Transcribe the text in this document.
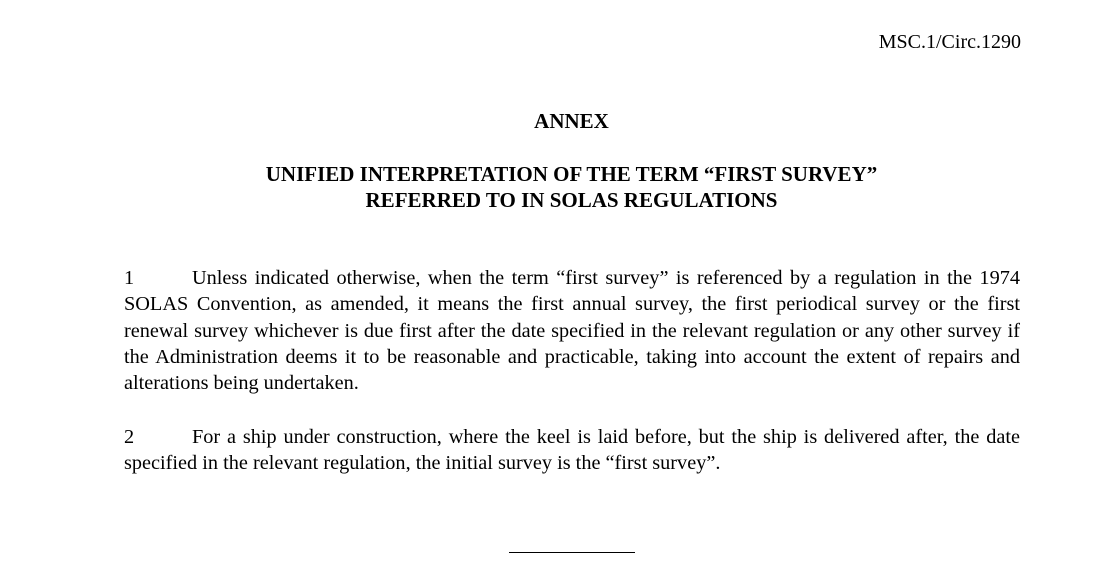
MSC.1/Circ.1290
ANNEX
UNIFIED INTERPRETATION OF THE TERM “FIRST SURVEY”
REFERRED TO IN SOLAS REGULATIONS

1	Unless indicated otherwise, when the term “first survey” is referenced by a regulation in the 1974 SOLAS Convention, as amended, it means the first annual survey, the first periodical survey or the first renewal survey whichever is due first after the date specified in the relevant regulation or any other survey if the Administration deems it to be reasonable and practicable, taking into account the extent of repairs and alterations being undertaken.

2	For a ship under construction, where the keel is laid before, but the ship is delivered after, the date specified in the relevant regulation, the initial survey is the “first survey”.
